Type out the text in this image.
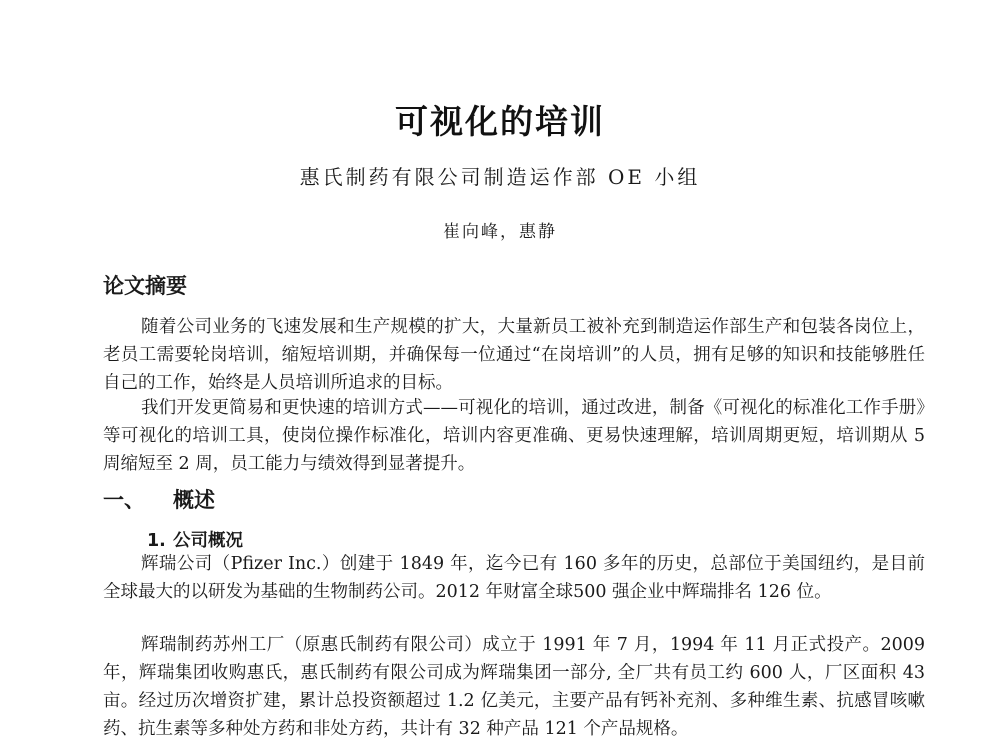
可视化的培训
惠氏制药有限公司制造运作部 OE 小组
崔向峰，惠静
论文摘要

随着公司业务的飞速发展和生产规模的扩大，大量新员工被补充到制造运作部生产和包装各岗位上，老员工需要轮岗培训，缩短培训期，并确保每一位通过“在岗培训”的人员，拥有足够的知识和技能够胜任自己的工作，始终是人员培训所追求的目标。

我们开发更简易和更快速的培训方式——可视化的培训，通过改进，制备《可视化的标准化工作手册》等可视化的培训工具，使岗位操作标准化，培训内容更准确、更易快速理解，培训周期更短，培训期从 5 周缩短至 2 周，员工能力与绩效得到显著提升。

一、 概述
1. 公司概况

辉瑞公司（Pfizer Inc.）创建于 1849 年，迄今已有 160 多年的历史，总部位于美国纽约，是目前全球最大的以研发为基础的生物制药公司。2012 年财富全球500 强企业中辉瑞排名 126 位。

辉瑞制药苏州工厂（原惠氏制药有限公司）成立于 1991 年 7 月，1994 年 11 月正式投产。2009 年，辉瑞集团收购惠氏，惠氏制药有限公司成为辉瑞集团一部分, 全厂共有员工约 600 人，厂区面积 43 亩。经过历次增资扩建，累计总投资额超过 1.2 亿美元，主要产品有钙补充剂、多种维生素、抗感冒咳嗽药、抗生素等多种处方药和非处方药，共计有 32 种产品 121 个产品规格。
